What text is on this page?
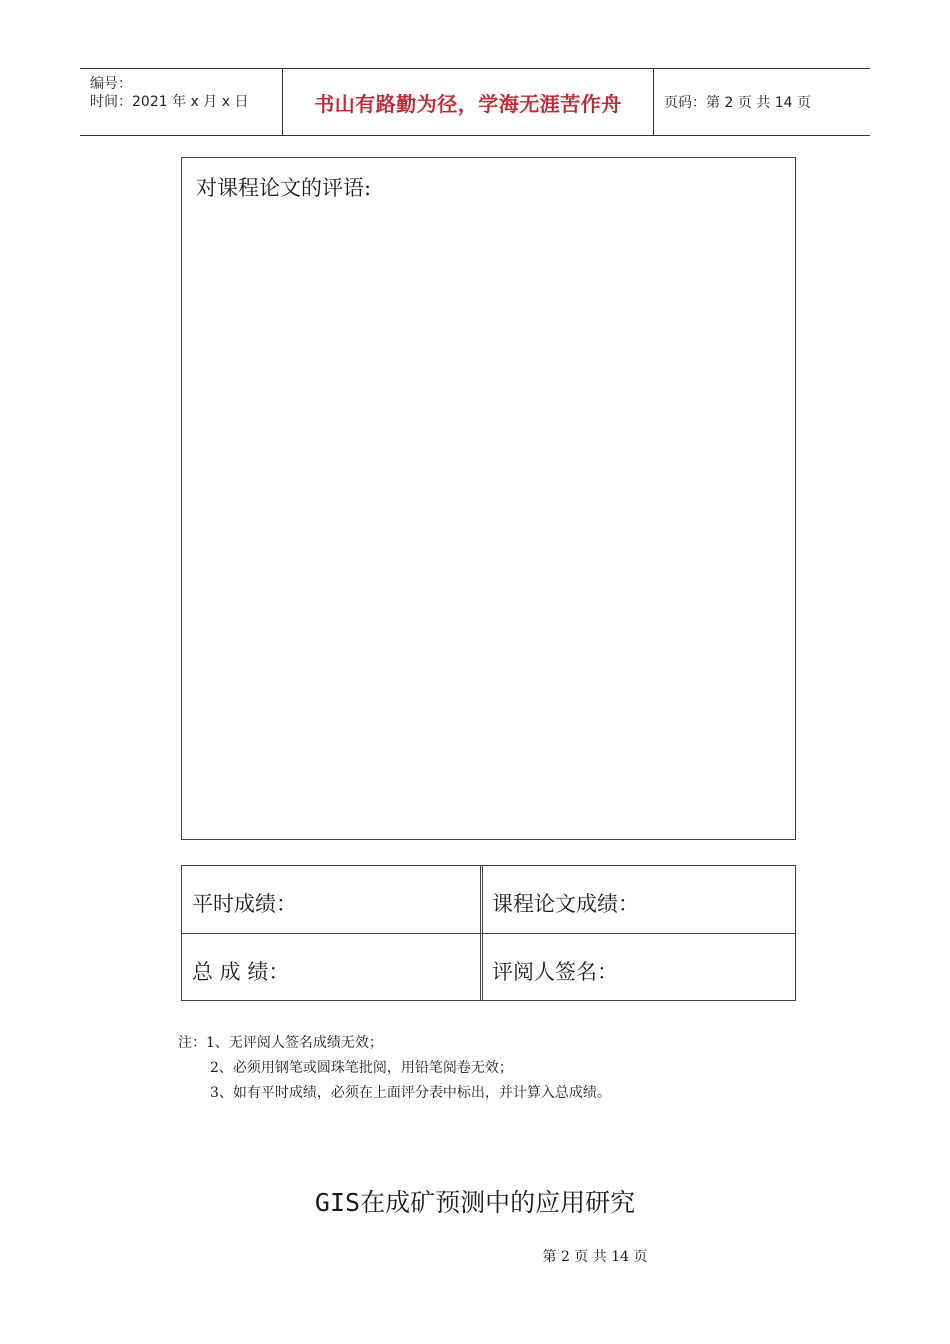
编号：
时间：2021 年 x 月 x 日	书山有路勤为径，学海无涯苦作舟	页码：第 2 页 共 14 页
对课程论文的评语:
平时成绩：	课程论文成绩：
总 成 绩：	评阅人签名：
注：1、无评阅人签名成绩无效；
2、必须用钢笔或圆珠笔批阅，用铅笔阅卷无效；
3、如有平时成绩，必须在上面评分表中标出，并计算入总成绩。
GIS在成矿预测中的应用研究
第 2 页 共 14 页
